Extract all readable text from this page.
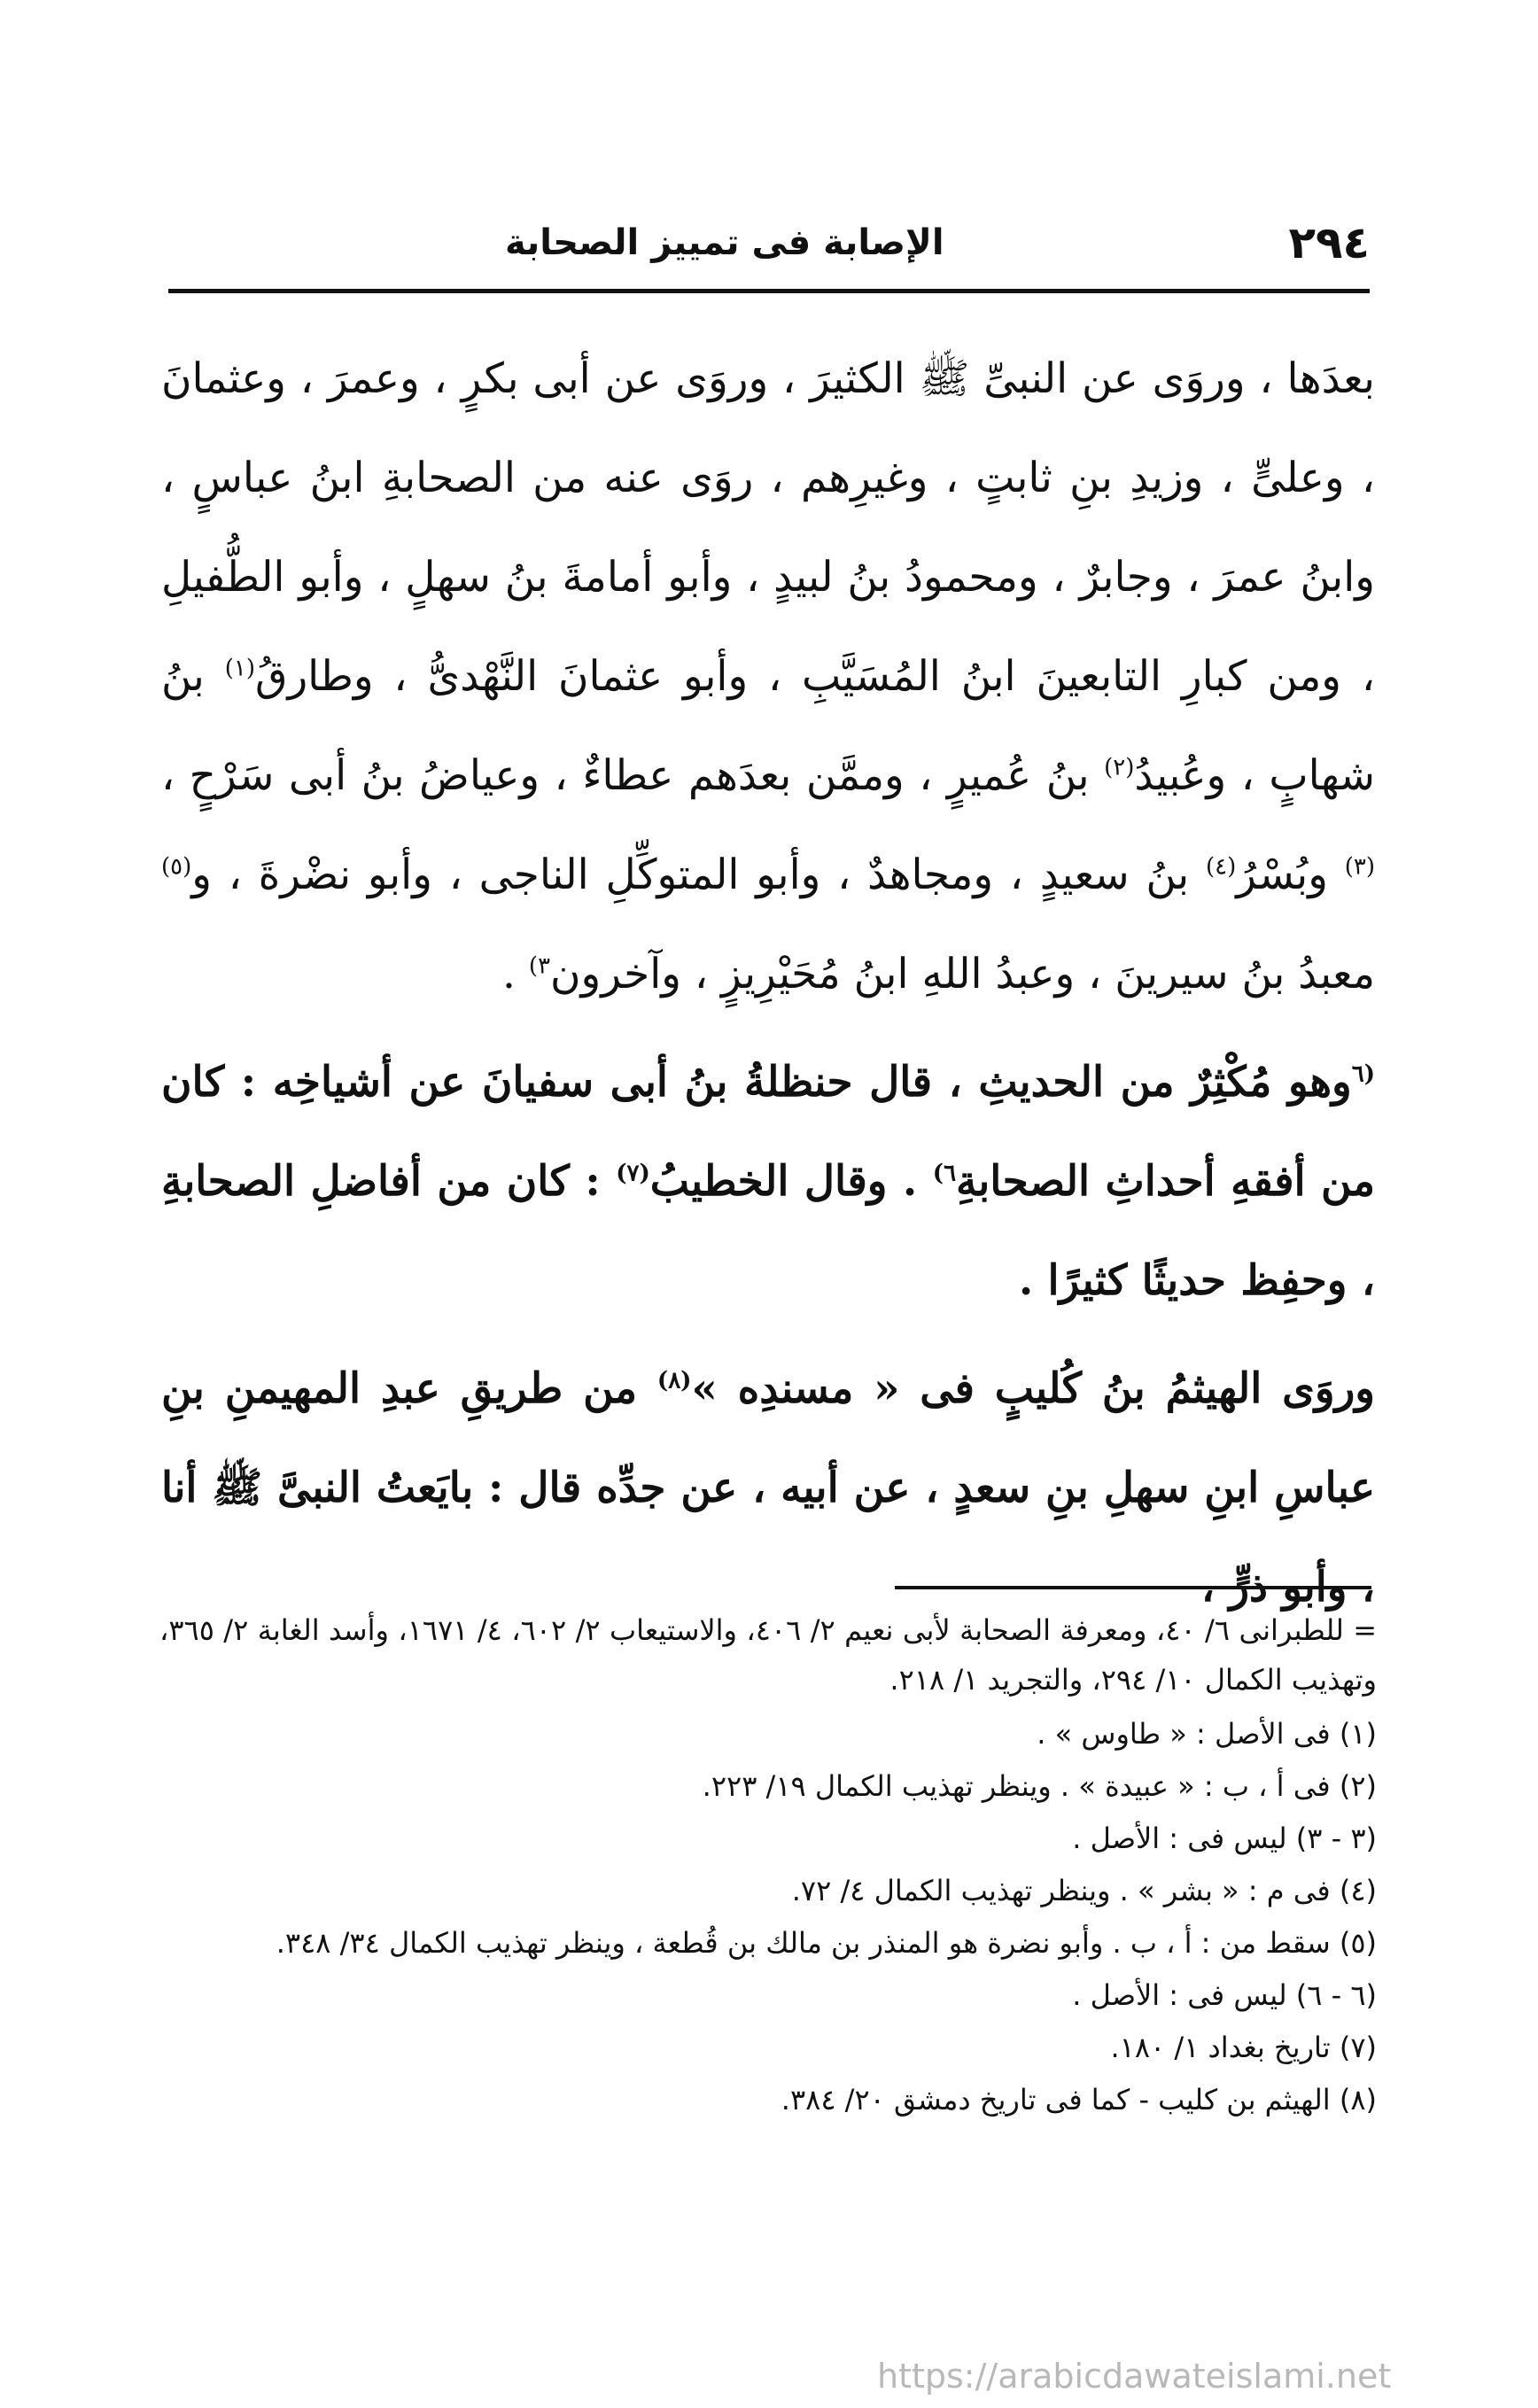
٢٩٤
الإصابة فى تمييز الصحابة

بعدَها ، وروَى عن النبىِّ ﷺ الكثيرَ ، وروَى عن أبى بكرٍ ، وعمرَ ، وعثمانَ ، وعلىٍّ ، وزيدِ بنِ ثابتٍ ، وغيرِهم ، روَى عنه من الصحابةِ ابنُ عباسٍ ، وابنُ عمرَ ، وجابرٌ ، ومحمودُ بنُ لبيدٍ ، وأبو أمامةَ بنُ سهلٍ ، وأبو الطُّفيلِ ، ومن كبارِ التابعينَ ابنُ المُسَيَّبِ ، وأبو عثمانَ النَّهْدىُّ ، وطارقُ$^{(١)}$ بنُ شهابٍ ، وعُبيدُ$^{(٢)}$ بنُ عُميرٍ ، وممَّن بعدَهم عطاءٌ ، وعياضُ بنُ أبى سَرْحٍ ،$^{(٣)}$ وبُسْرُ$^{(٤)}$ بنُ سعيدٍ ، ومجاهدٌ ، وأبو المتوكِّلِ الناجى ، وأبو نضْرةَ ، و$^{(٥)}$ معبدُ بنُ سيرينَ ، وعبدُ اللهِ ابنُ مُحَيْرِيزٍ ، وآخرون$^{٣)}$ .

$^{(٦}$وهو مُكْثِرٌ من الحديثِ ، قال حنظلةُ بنُ أبى سفيانَ عن أشياخِه : كان من أفقهِ أحداثِ الصحابةِ$^{٦)}$ . وقال الخطيبُ$^{(٧)}$ : كان من أفاضلِ الصحابةِ ، وحفِظ حديثًا كثيرًا .

وروَى الهيثمُ بنُ كُليبٍ فى « مسندِه »$^{(٨)}$ من طريقِ عبدِ المهيمنِ بنِ عباسِ ابنِ سهلِ بنِ سعدٍ ، عن أبيه ، عن جدِّه قال : بايَعتُ النبىَّ ﷺ أنا ، وأبو ذرٍّ ،

= للطبرانى ٦/ ٤٠، ومعرفة الصحابة لأبى نعيم ٢/ ٤٠٦، والاستيعاب ٢/ ٦٠٢، ٤/ ١٦٧١، وأسد الغابة ٢/ ٣٦٥، وتهذيب الكمال ١٠/ ٢٩٤، والتجريد ١/ ٢١٨.

(١) فى الأصل : « طاوس » .
(٢) فى أ ، ب : « عبيدة » . وينظر تهذيب الكمال ١٩/ ٢٢٣.
(٣ - ٣) ليس فى : الأصل .
(٤) فى م : « بشر » . وينظر تهذيب الكمال ٤/ ٧٢.
(٥) سقط من : أ ، ب . وأبو نضرة هو المنذر بن مالك بن قُطعة ، وينظر تهذيب الكمال ٣٤/ ٣٤٨.
(٦ - ٦) ليس فى : الأصل .
(٧) تاريخ بغداد ١/ ١٨٠.
(٨) الهيثم بن كليب - كما فى تاريخ دمشق ٢٠/ ٣٨٤.
https://arabicdawateislami.net
